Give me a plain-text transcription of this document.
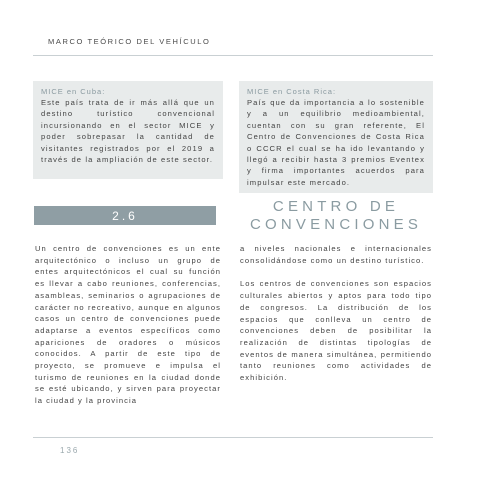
MARCO TEÓRICO DEL VEHÍCULO
MICE en Cuba:

Este país trata de ir más allá que un destino turístico convencional incursionando en el sector MICE y poder sobrepasar la cantidad de visitantes registrados por el 2019 a través de la ampliación de este sector.

MICE en Costa Rica:

País que da importancia a lo sostenible y a un equilibrio medioambiental, cuentan con su gran referente, El Centro de Convenciones de Costa Rica o CCCR el cual se ha ido levantando y llegó a recibir hasta 3 premios Eventex y firma importantes acuerdos para impulsar este mercado.

2.6
CENTRO DE
CONVENCIONES

Un centro de convenciones es un ente arquitectónico o incluso un grupo de entes arquitectónicos el cual su función es llevar a cabo reuniones, conferencias, asambleas, seminarios o agrupaciones de carácter no recreativo, aunque en algunos casos un centro de convenciones puede adaptarse a eventos específicos como apariciones de oradores o músicos conocidos. A partir de este tipo de proyecto, se promueve e impulsa el turismo de reuniones en la ciudad donde se esté ubicando, y sirven para proyectar la ciudad y la provincia

a niveles nacionales e internacionales consolidándose como un destino turístico.

Los centros de convenciones son espacios culturales abiertos y aptos para todo tipo de congresos. La distribución de los espacios que conlleva un centro de convenciones deben de posibilitar la realización de distintas tipologías de eventos de manera simultánea, permitiendo tanto reuniones como actividades de exhibición.

136
